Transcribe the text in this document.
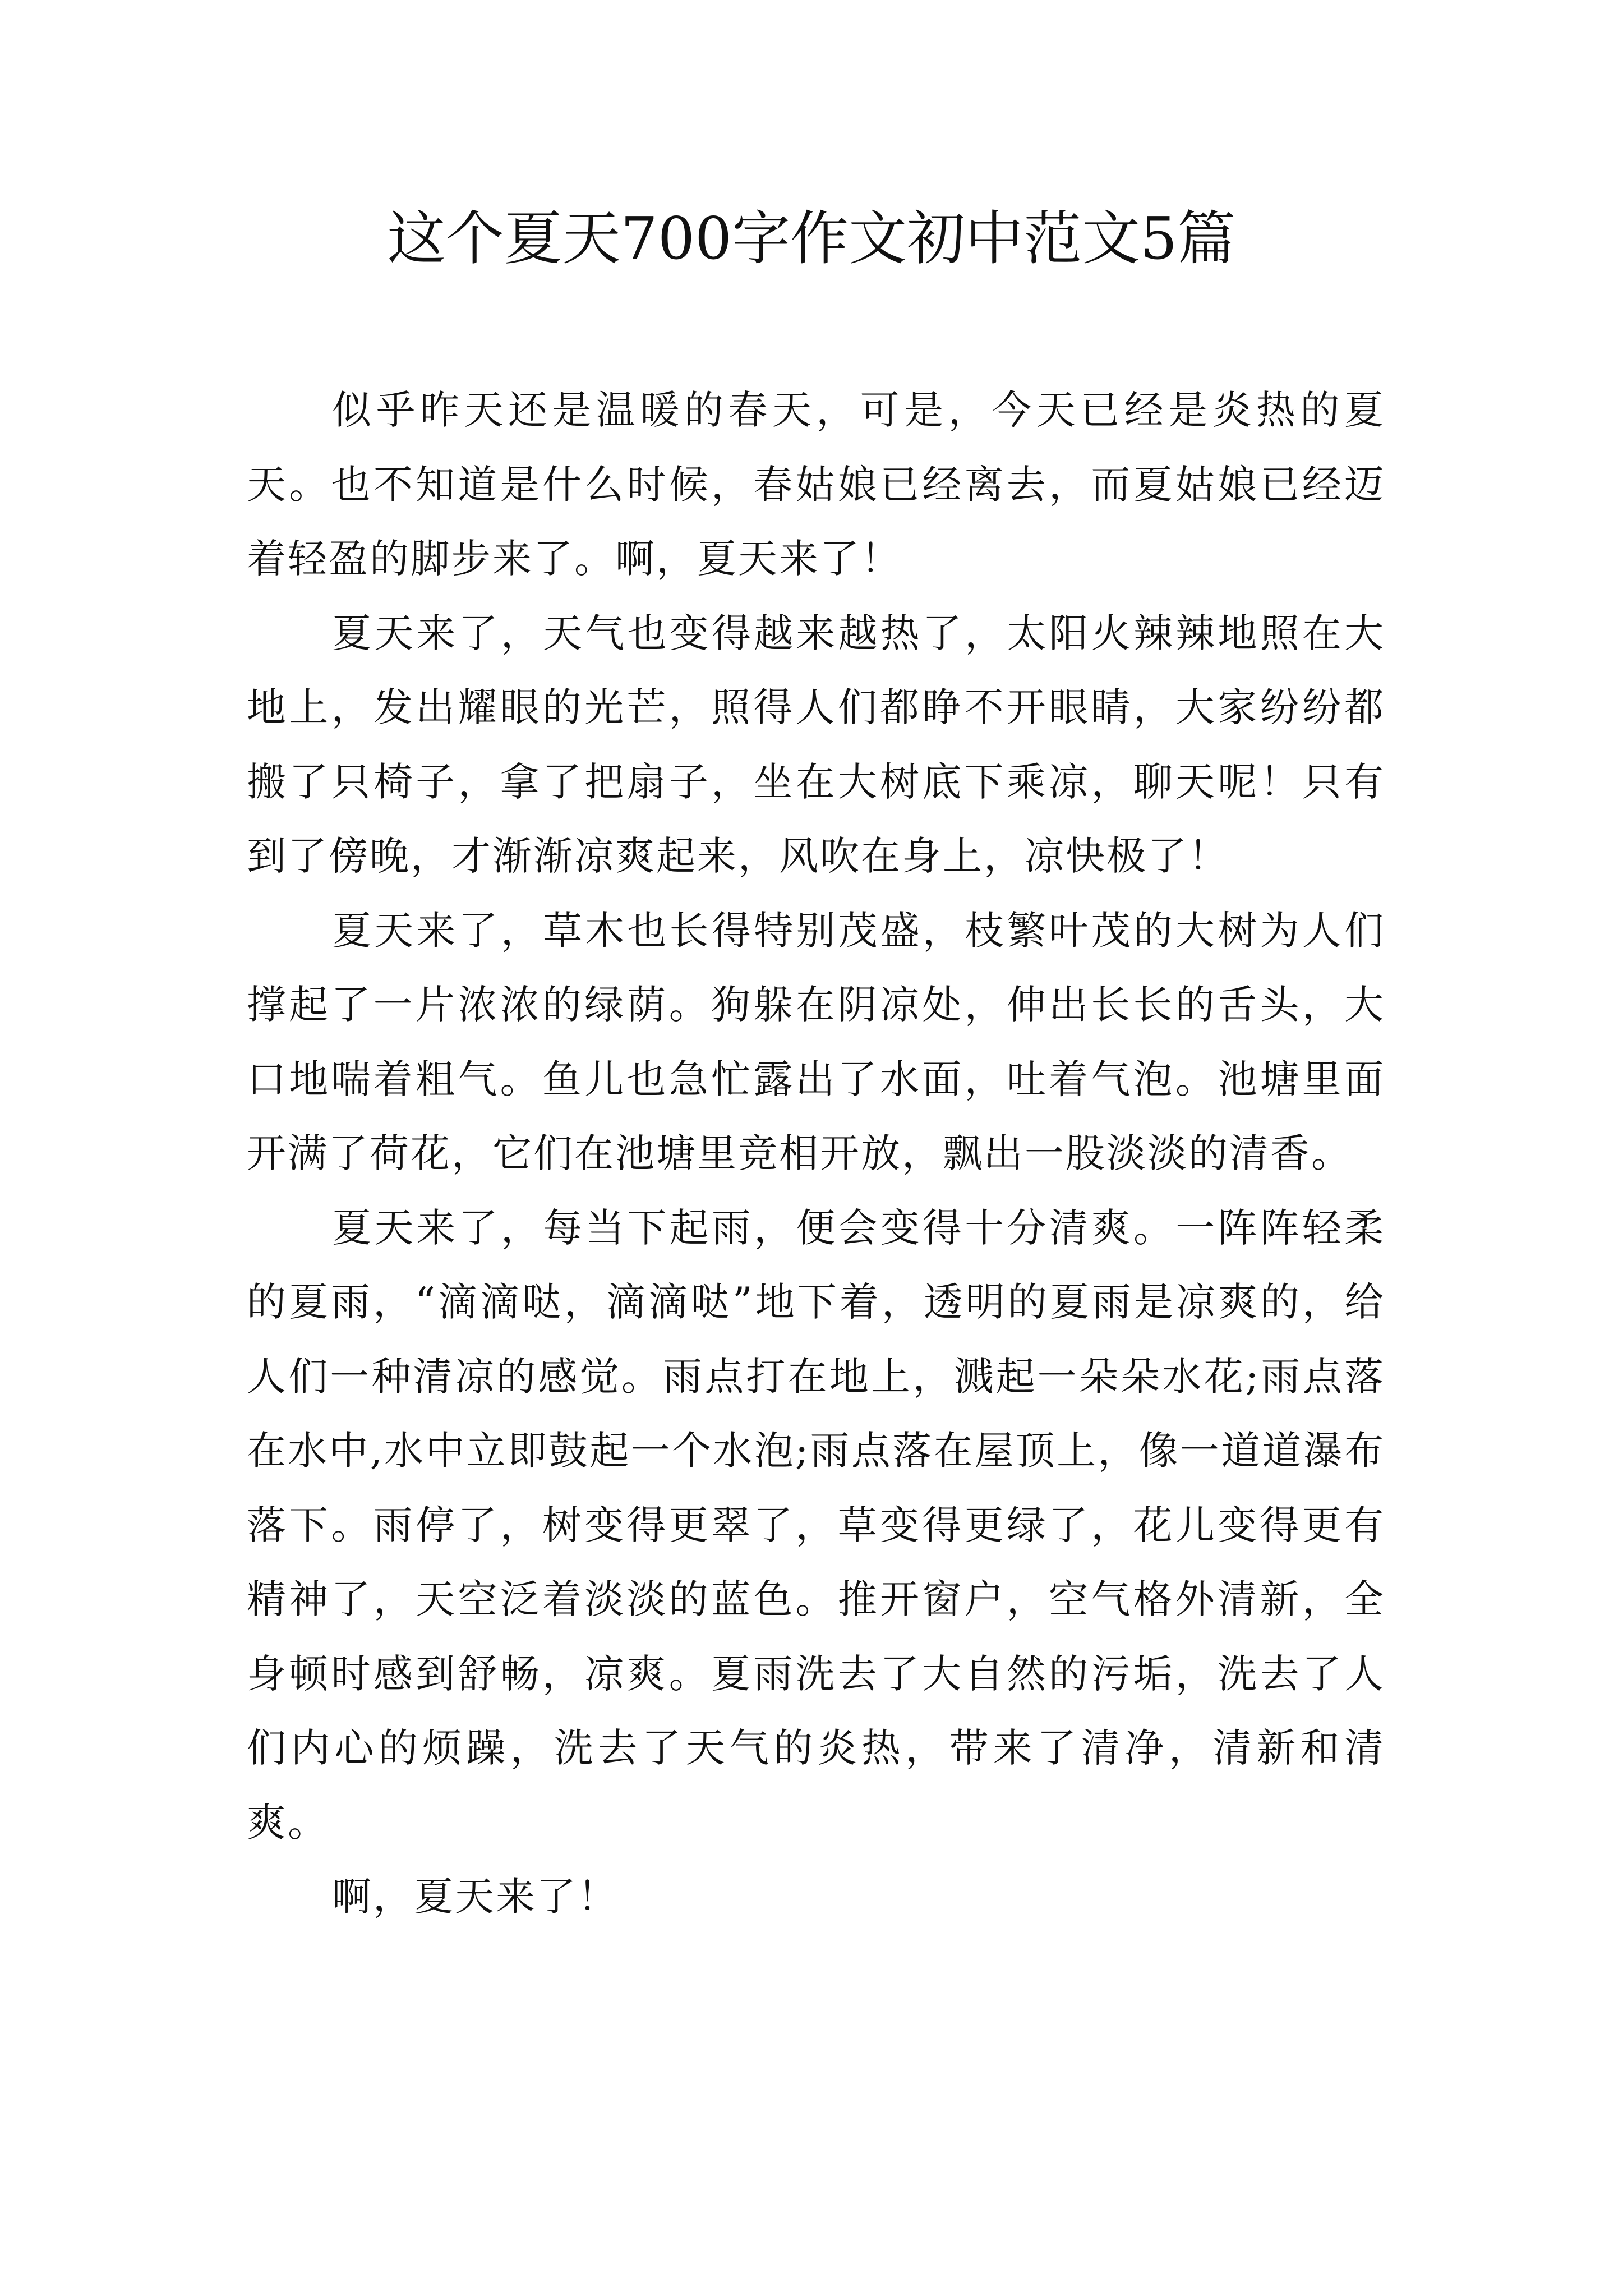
这个夏天700字作文初中范文5篇

似乎昨天还是温暖的春天，可是，今天已经是炎热的夏天。也不知道是什么时候，春姑娘已经离去，而夏姑娘已经迈着轻盈的脚步来了。啊，夏天来了！

夏天来了，天气也变得越来越热了，太阳火辣辣地照在大地上，发出耀眼的光芒，照得人们都睁不开眼睛，大家纷纷都搬了只椅子，拿了把扇子，坐在大树底下乘凉，聊天呢！只有到了傍晚，才渐渐凉爽起来，风吹在身上，凉快极了！

夏天来了，草木也长得特别茂盛，枝繁叶茂的大树为人们撑起了一片浓浓的绿荫。狗躲在阴凉处，伸出长长的舌头，大口地喘着粗气。鱼儿也急忙露出了水面，吐着气泡。池塘里面开满了荷花，它们在池塘里竞相开放，飘出一股淡淡的清香。

夏天来了，每当下起雨，便会变得十分清爽。一阵阵轻柔的夏雨，“滴滴哒，滴滴哒”地下着，透明的夏雨是凉爽的，给人们一种清凉的感觉。雨点打在地上，溅起一朵朵水花;雨点落在水中,水中立即鼓起一个水泡;雨点落在屋顶上，像一道道瀑布落下。雨停了，树变得更翠了，草变得更绿了，花儿变得更有精神了，天空泛着淡淡的蓝色。推开窗户，空气格外清新，全身顿时感到舒畅，凉爽。夏雨洗去了大自然的污垢，洗去了人们内心的烦躁，洗去了天气的炎热，带来了清净，清新和清爽。

啊，夏天来了！
